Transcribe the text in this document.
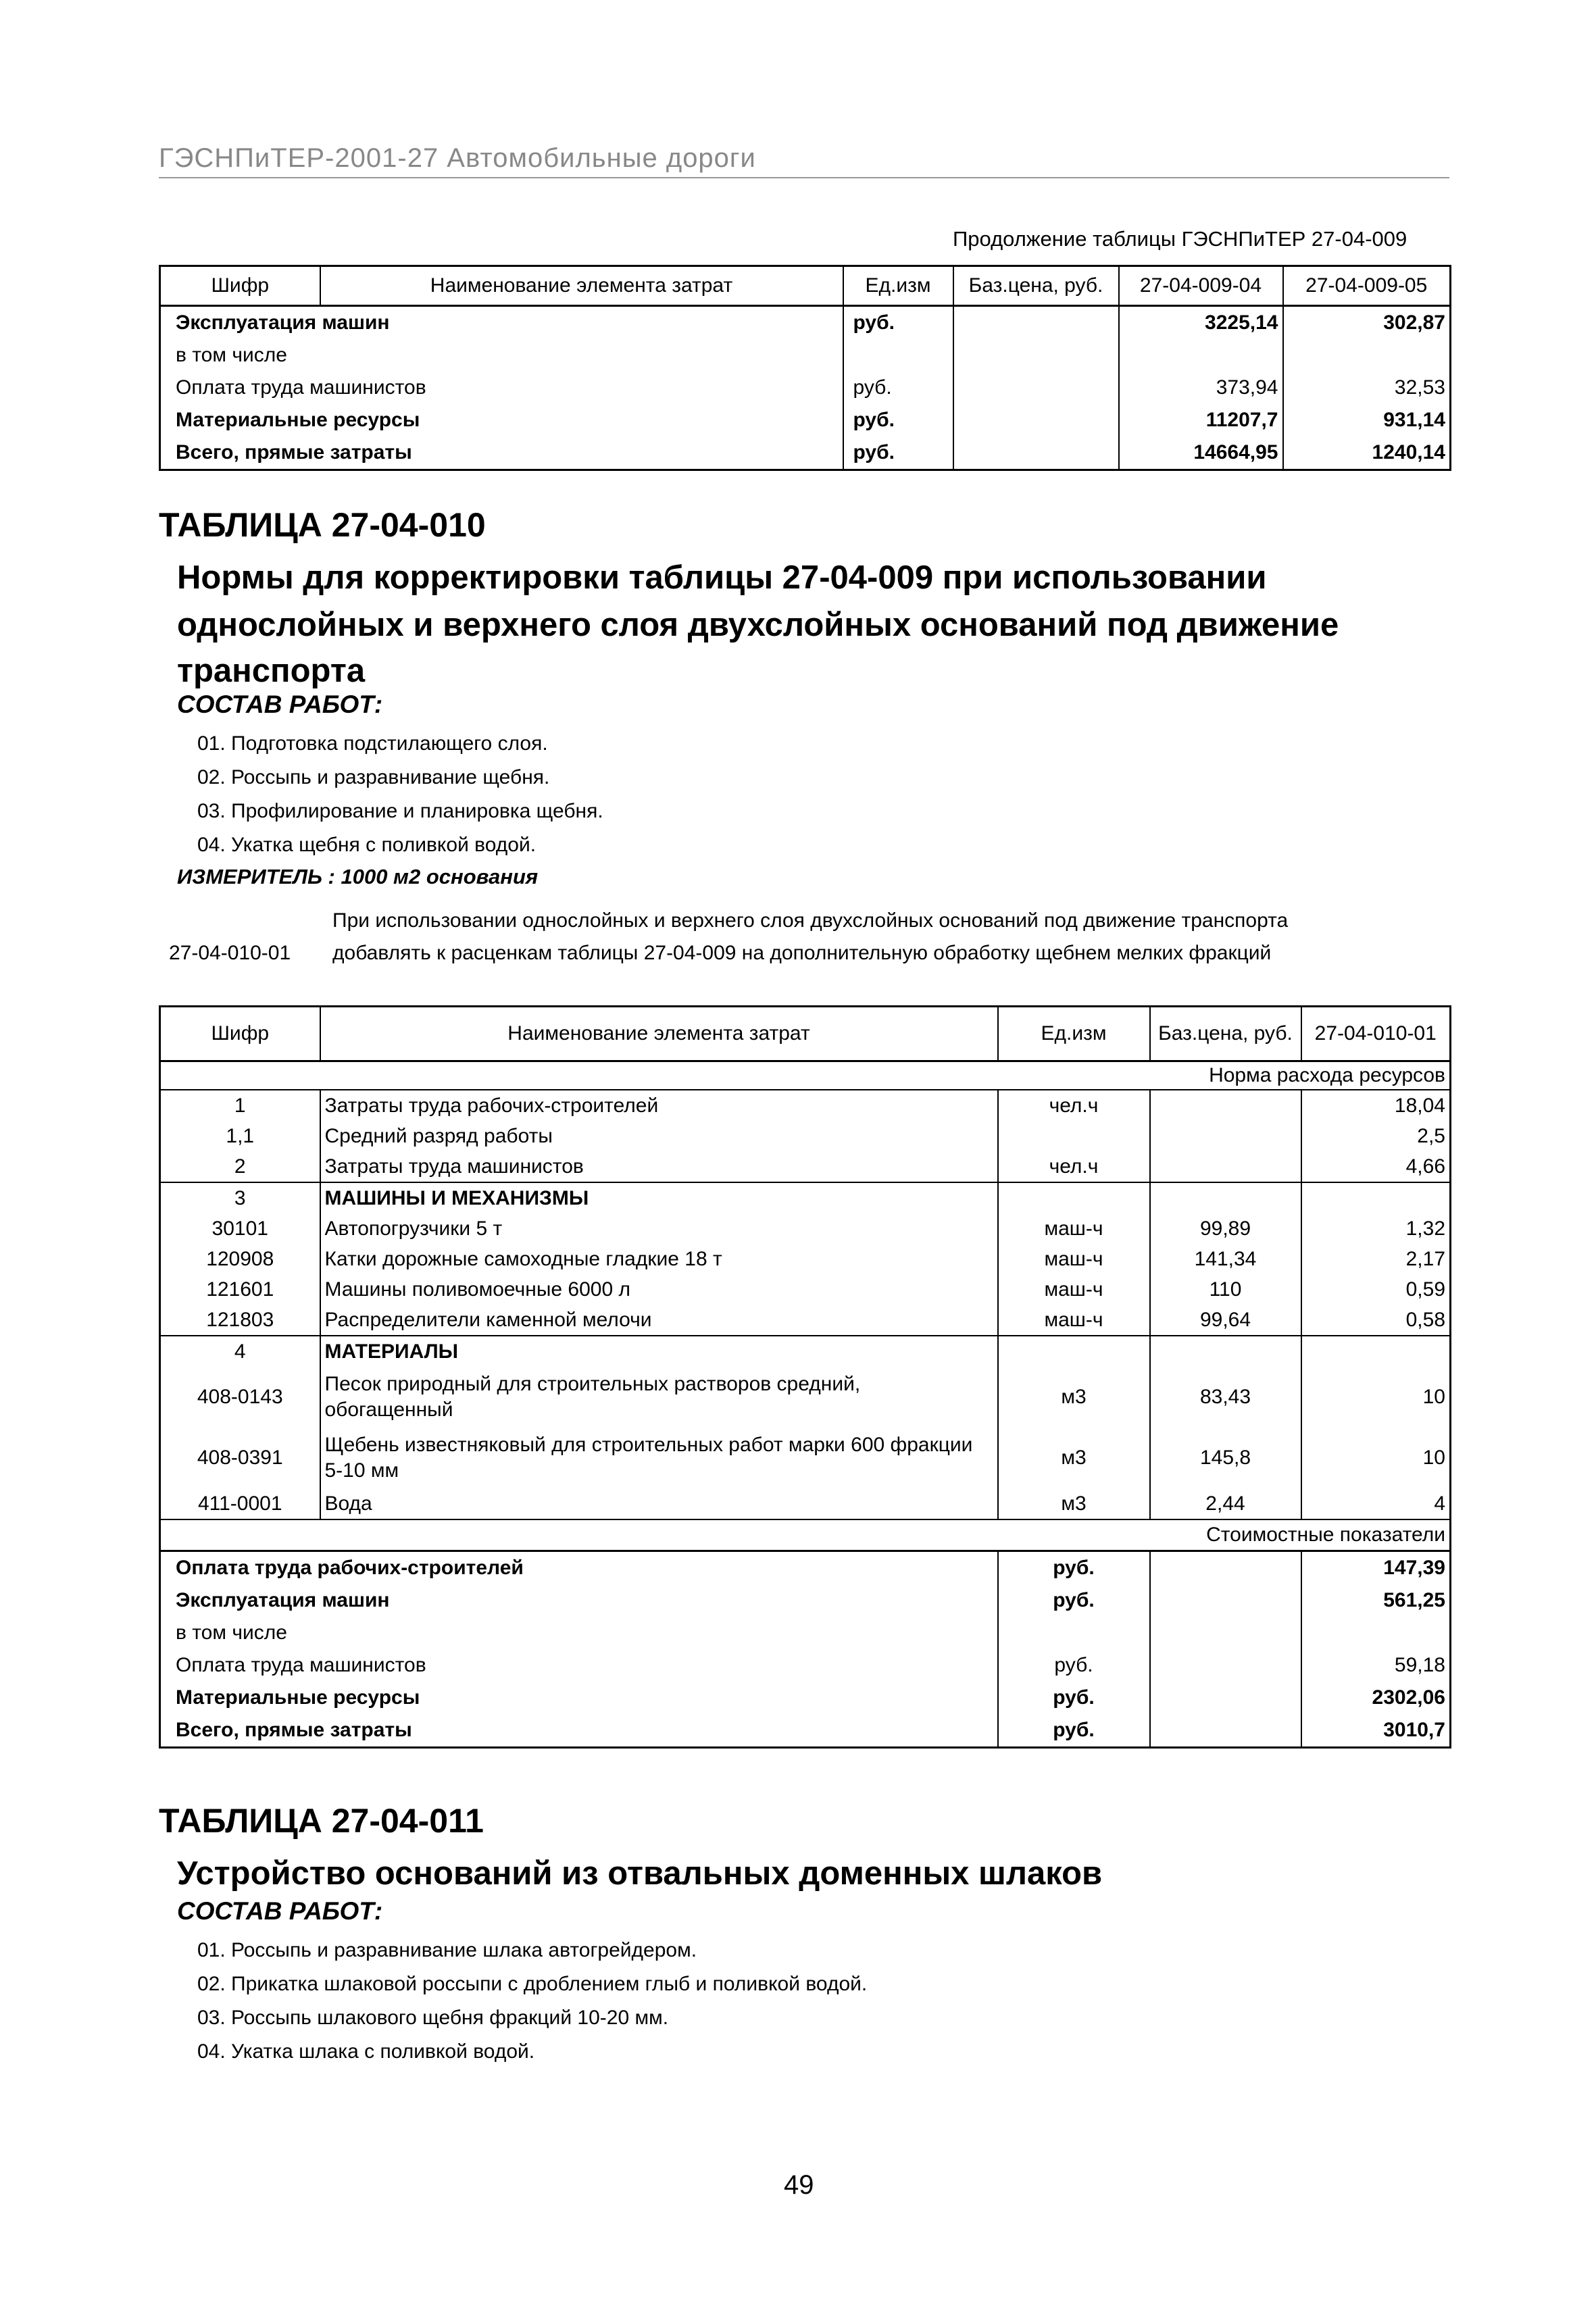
ГЭСНПиТЕР-2001-27 Автомобильные дороги
Продолжение таблицы ГЭСНПиТЕР 27-04-009
Шифр	Наименование элемента затрат	Ед.изм	Баз.цена, руб.	27-04-009-04	27-04-009-05
Эксплуатация машин		руб.		3225,14	302,87
в том числе					
Оплата труда машинистов		руб.		373,94	32,53
Материальные ресурсы		руб.		11207,7	931,14
Всего, прямые затраты		руб.		14664,95	1240,14
ТАБЛИЦА 27-04-010
Нормы для корректировки таблицы 27-04-009 при использовании
однослойных и верхнего слоя двухслойных оснований под движение
транспорта
СОСТАВ РАБОТ:
01. Подготовка подстилающего слоя.
02. Россыпь и разравнивание щебня.
03. Профилирование и планировка щебня.
04. Укатка щебня с поливкой водой.
ИЗМЕРИТЕЛЬ : 1000 м2 основания
При использовании однослойных и верхнего слоя двухслойных оснований под движение транспорта
27-04-010-01 добавлять к расценкам таблицы 27-04-009 на дополнительную обработку щебнем мелких фракций
Шифр	Наименование элемента затрат	Ед.изм	Баз.цена, руб.	27-04-010-01
Норма расхода ресурсов				
1	Затраты труда рабочих-строителей	чел.ч		18,04
1,1	Средний разряд работы			2,5
2	Затраты труда машинистов	чел.ч		4,66
3	МАШИНЫ И МЕХАНИЗМЫ			
30101	Автопогрузчики 5 т	маш-ч	99,89	1,32
120908	Катки дорожные самоходные гладкие 18 т	маш-ч	141,34	2,17
121601	Машины поливомоечные 6000 л	маш-ч	110	0,59
121803	Распределители каменной мелочи	маш-ч	99,64	0,58
4	МАТЕРИАЛЫ			
408-0143	Песок природный для строительных растворов средний, обогащенный	м3	83,43	10
408-0391	Щебень известняковый для строительных работ марки 600 фракции 5-10 мм	м3	145,8	10
411-0001	Вода	м3	2,44	4
Стоимостные показатели				
Оплата труда рабочих-строителей		руб.		147,39
Эксплуатация машин		руб.		561,25
в том числе				
Оплата труда машинистов		руб.		59,18
Материальные ресурсы		руб.		2302,06
Всего, прямые затраты		руб.		3010,7
ТАБЛИЦА 27-04-011
Устройство оснований из отвальных доменных шлаков
СОСТАВ РАБОТ:
01. Россыпь и разравнивание шлака автогрейдером.
02. Прикатка шлаковой россыпи с дроблением глыб и поливкой водой.
03. Россыпь шлакового щебня фракций 10-20 мм.
04. Укатка шлака с поливкой водой.
49
